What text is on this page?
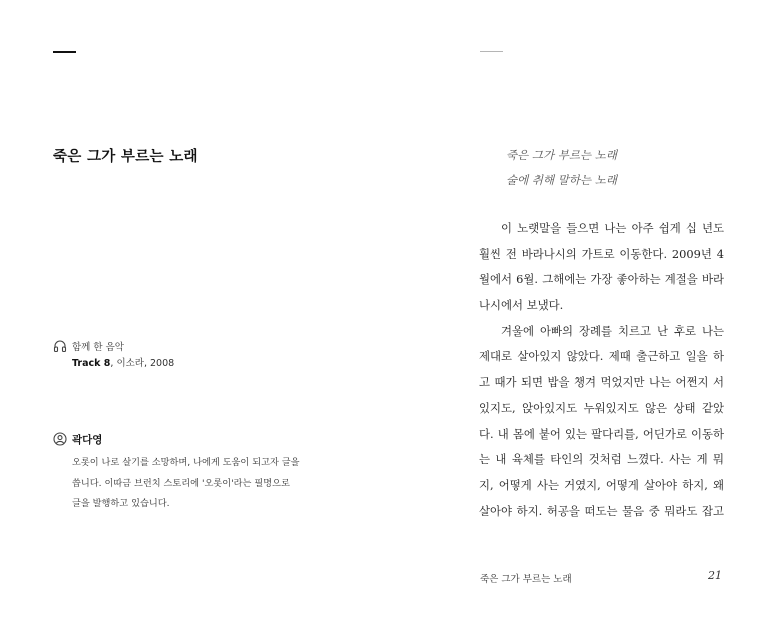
죽은 그가 부르는 노래
함께 한 음악
Track 8, 이소라, 2008
곽다영
오롯이 나로 살기를 소망하며, 나에게 도움이 되고자 글을
씁니다. 이따금 브런치 스토리에 '오롯이'라는 필명으로
글을 발행하고 있습니다.
죽은 그가 부르는 노래
술에 취해 말하는 노래
이 노랫말을 들으면 나는 아주 쉽게 십 년도
훨씬 전 바라나시의 가트로 이동한다. 2009년 4
월에서 6월. 그해에는 가장 좋아하는 계절을 바라
나시에서 보냈다.
겨울에 아빠의 장례를 치르고 난 후로 나는
제대로 살아있지 않았다. 제때 출근하고 일을 하
고 때가 되면 밥을 챙겨 먹었지만 나는 어쩐지 서
있지도, 앉아있지도 누워있지도 않은 상태 같았
다. 내 몸에 붙어 있는 팔다리를, 어딘가로 이동하
는 내 육체를 타인의 것처럼 느꼈다. 사는 게 뭐
지, 어떻게 사는 거였지, 어떻게 살아야 하지, 왜
살아야 하지. 허공을 떠도는 물음 중 뭐라도 잡고
죽은 그가 부르는 노래	21
